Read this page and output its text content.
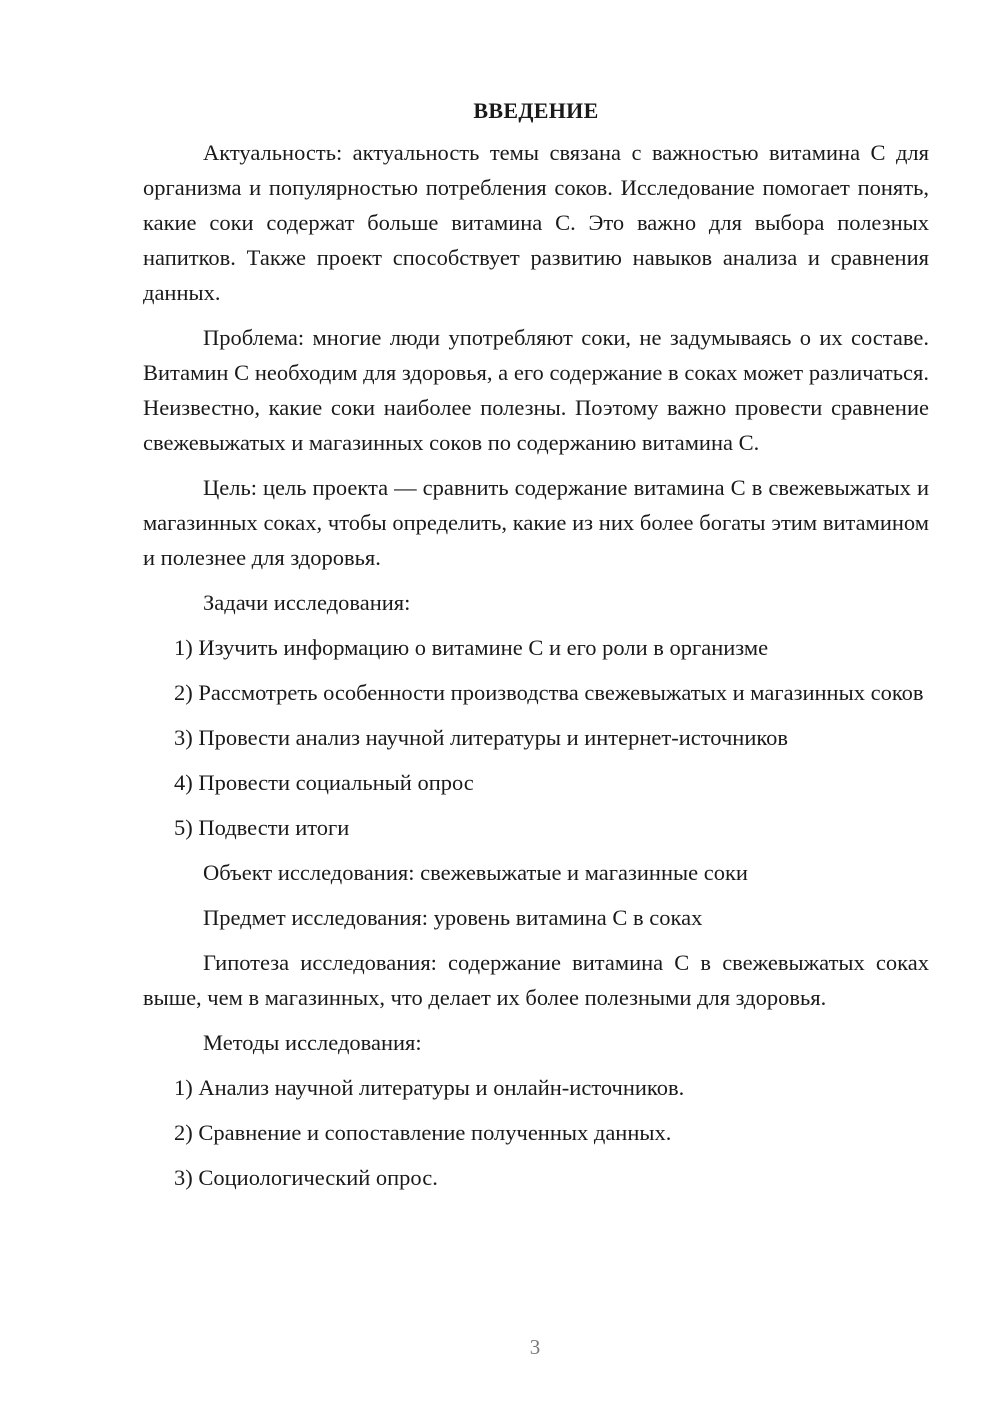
ВВЕДЕНИЕ

Актуальность: актуальность темы связана с важностью витамина С для организма и популярностью потребления соков. Исследование помогает понять, какие соки содержат больше витамина С. Это важно для выбора полезных напитков. Также проект способствует развитию навыков анализа и сравнения данных.

Проблема: многие люди употребляют соки, не задумываясь о их составе. Витамин С необходим для здоровья, а его содержание в соках может различаться. Неизвестно, какие соки наиболее полезны. Поэтому важно провести сравнение свежевыжатых и магазинных соков по содержанию витамина С.

Цель: цель проекта — сравнить содержание витамина С в свежевыжатых и магазинных соках, чтобы определить, какие из них более богаты этим витамином и полезнее для здоровья.

Задачи исследования:

1) Изучить информацию о витамине С и его роли в организме

2) Рассмотреть особенности производства свежевыжатых и магазинных соков

3) Провести анализ научной литературы и интернет-источников

4) Провести социальный опрос

5) Подвести итоги

Объект исследования: свежевыжатые и магазинные соки

Предмет исследования: уровень витамина С в соках

Гипотеза исследования: содержание витамина С в свежевыжатых соках выше, чем в магазинных, что делает их более полезными для здоровья.

Методы исследования:

1) Анализ научной литературы и онлайн-источников.

2) Сравнение и сопоставление полученных данных.

3) Социологический опрос.

3
